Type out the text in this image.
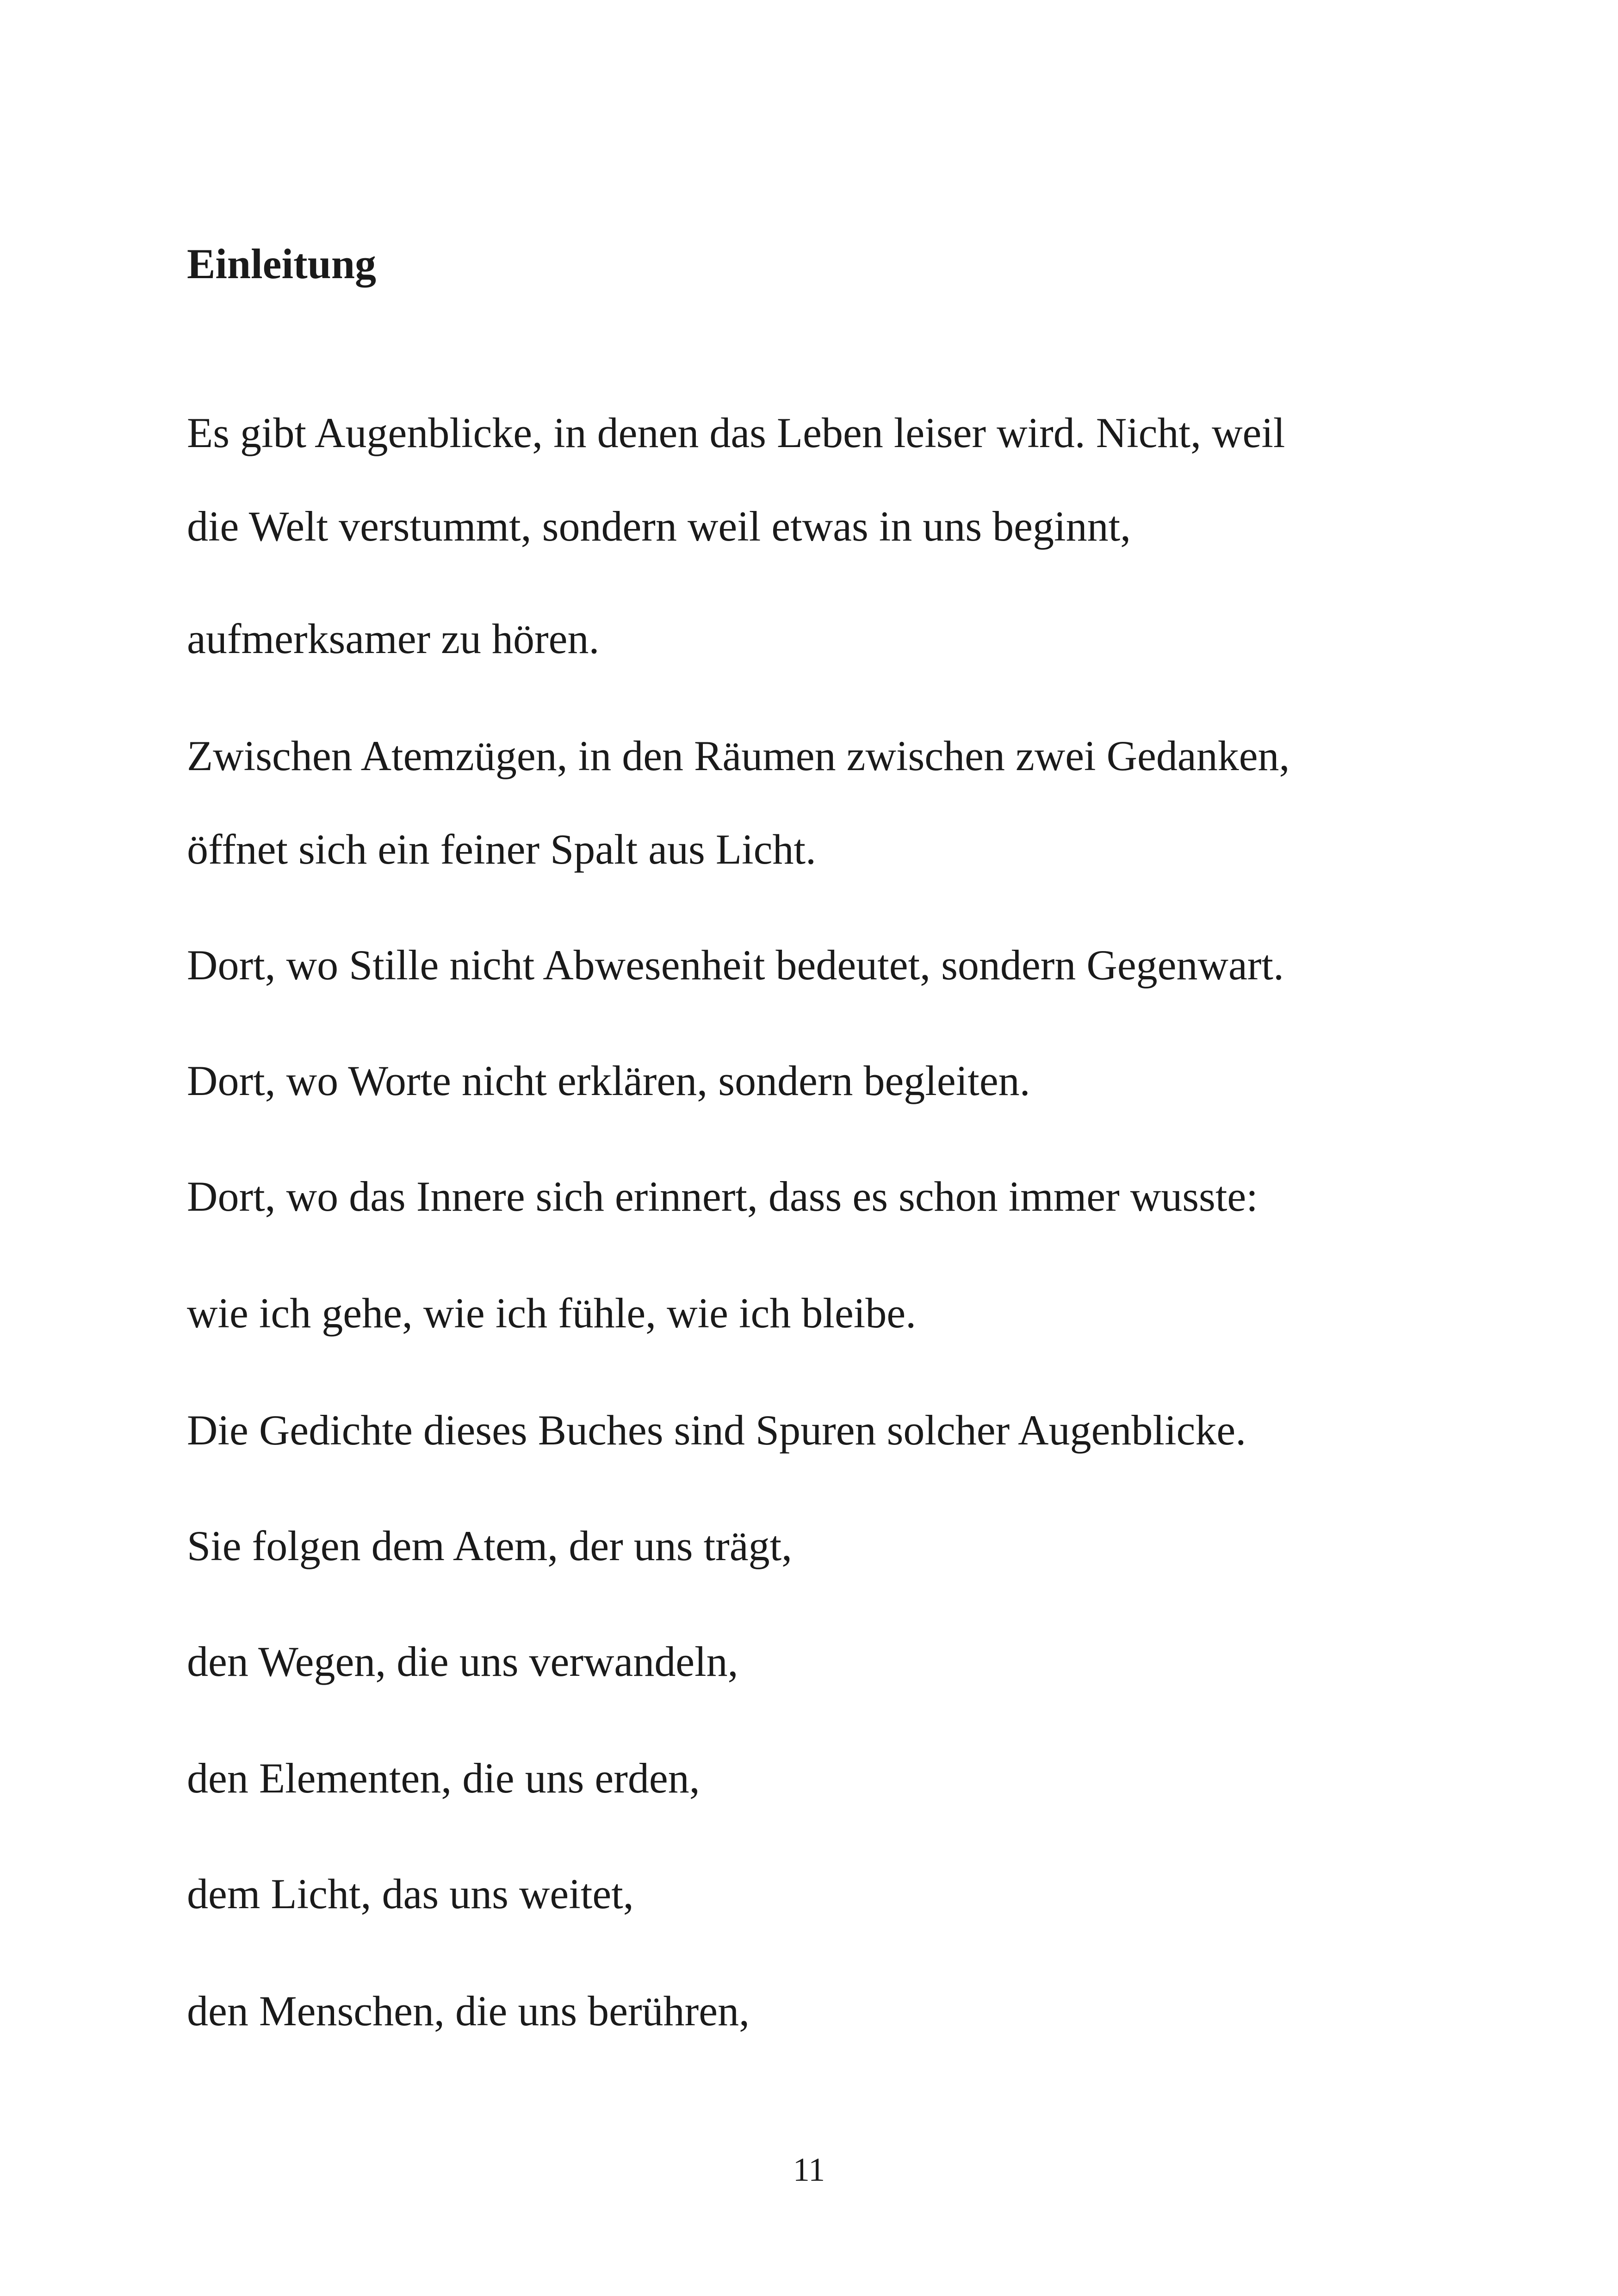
Einleitung

Es gibt Augenblicke, in denen das Leben leiser wird. Nicht, weil

die Welt verstummt, sondern weil etwas in uns beginnt,

aufmerksamer zu hören.

Zwischen Atemzügen, in den Räumen zwischen zwei Gedanken,

öffnet sich ein feiner Spalt aus Licht.

Dort, wo Stille nicht Abwesenheit bedeutet, sondern Gegenwart.

Dort, wo Worte nicht erklären, sondern begleiten.

Dort, wo das Innere sich erinnert, dass es schon immer wusste:

wie ich gehe, wie ich fühle, wie ich bleibe.

Die Gedichte dieses Buches sind Spuren solcher Augenblicke.

Sie folgen dem Atem, der uns trägt,

den Wegen, die uns verwandeln,

den Elementen, die uns erden,

dem Licht, das uns weitet,

den Menschen, die uns berühren,

11
